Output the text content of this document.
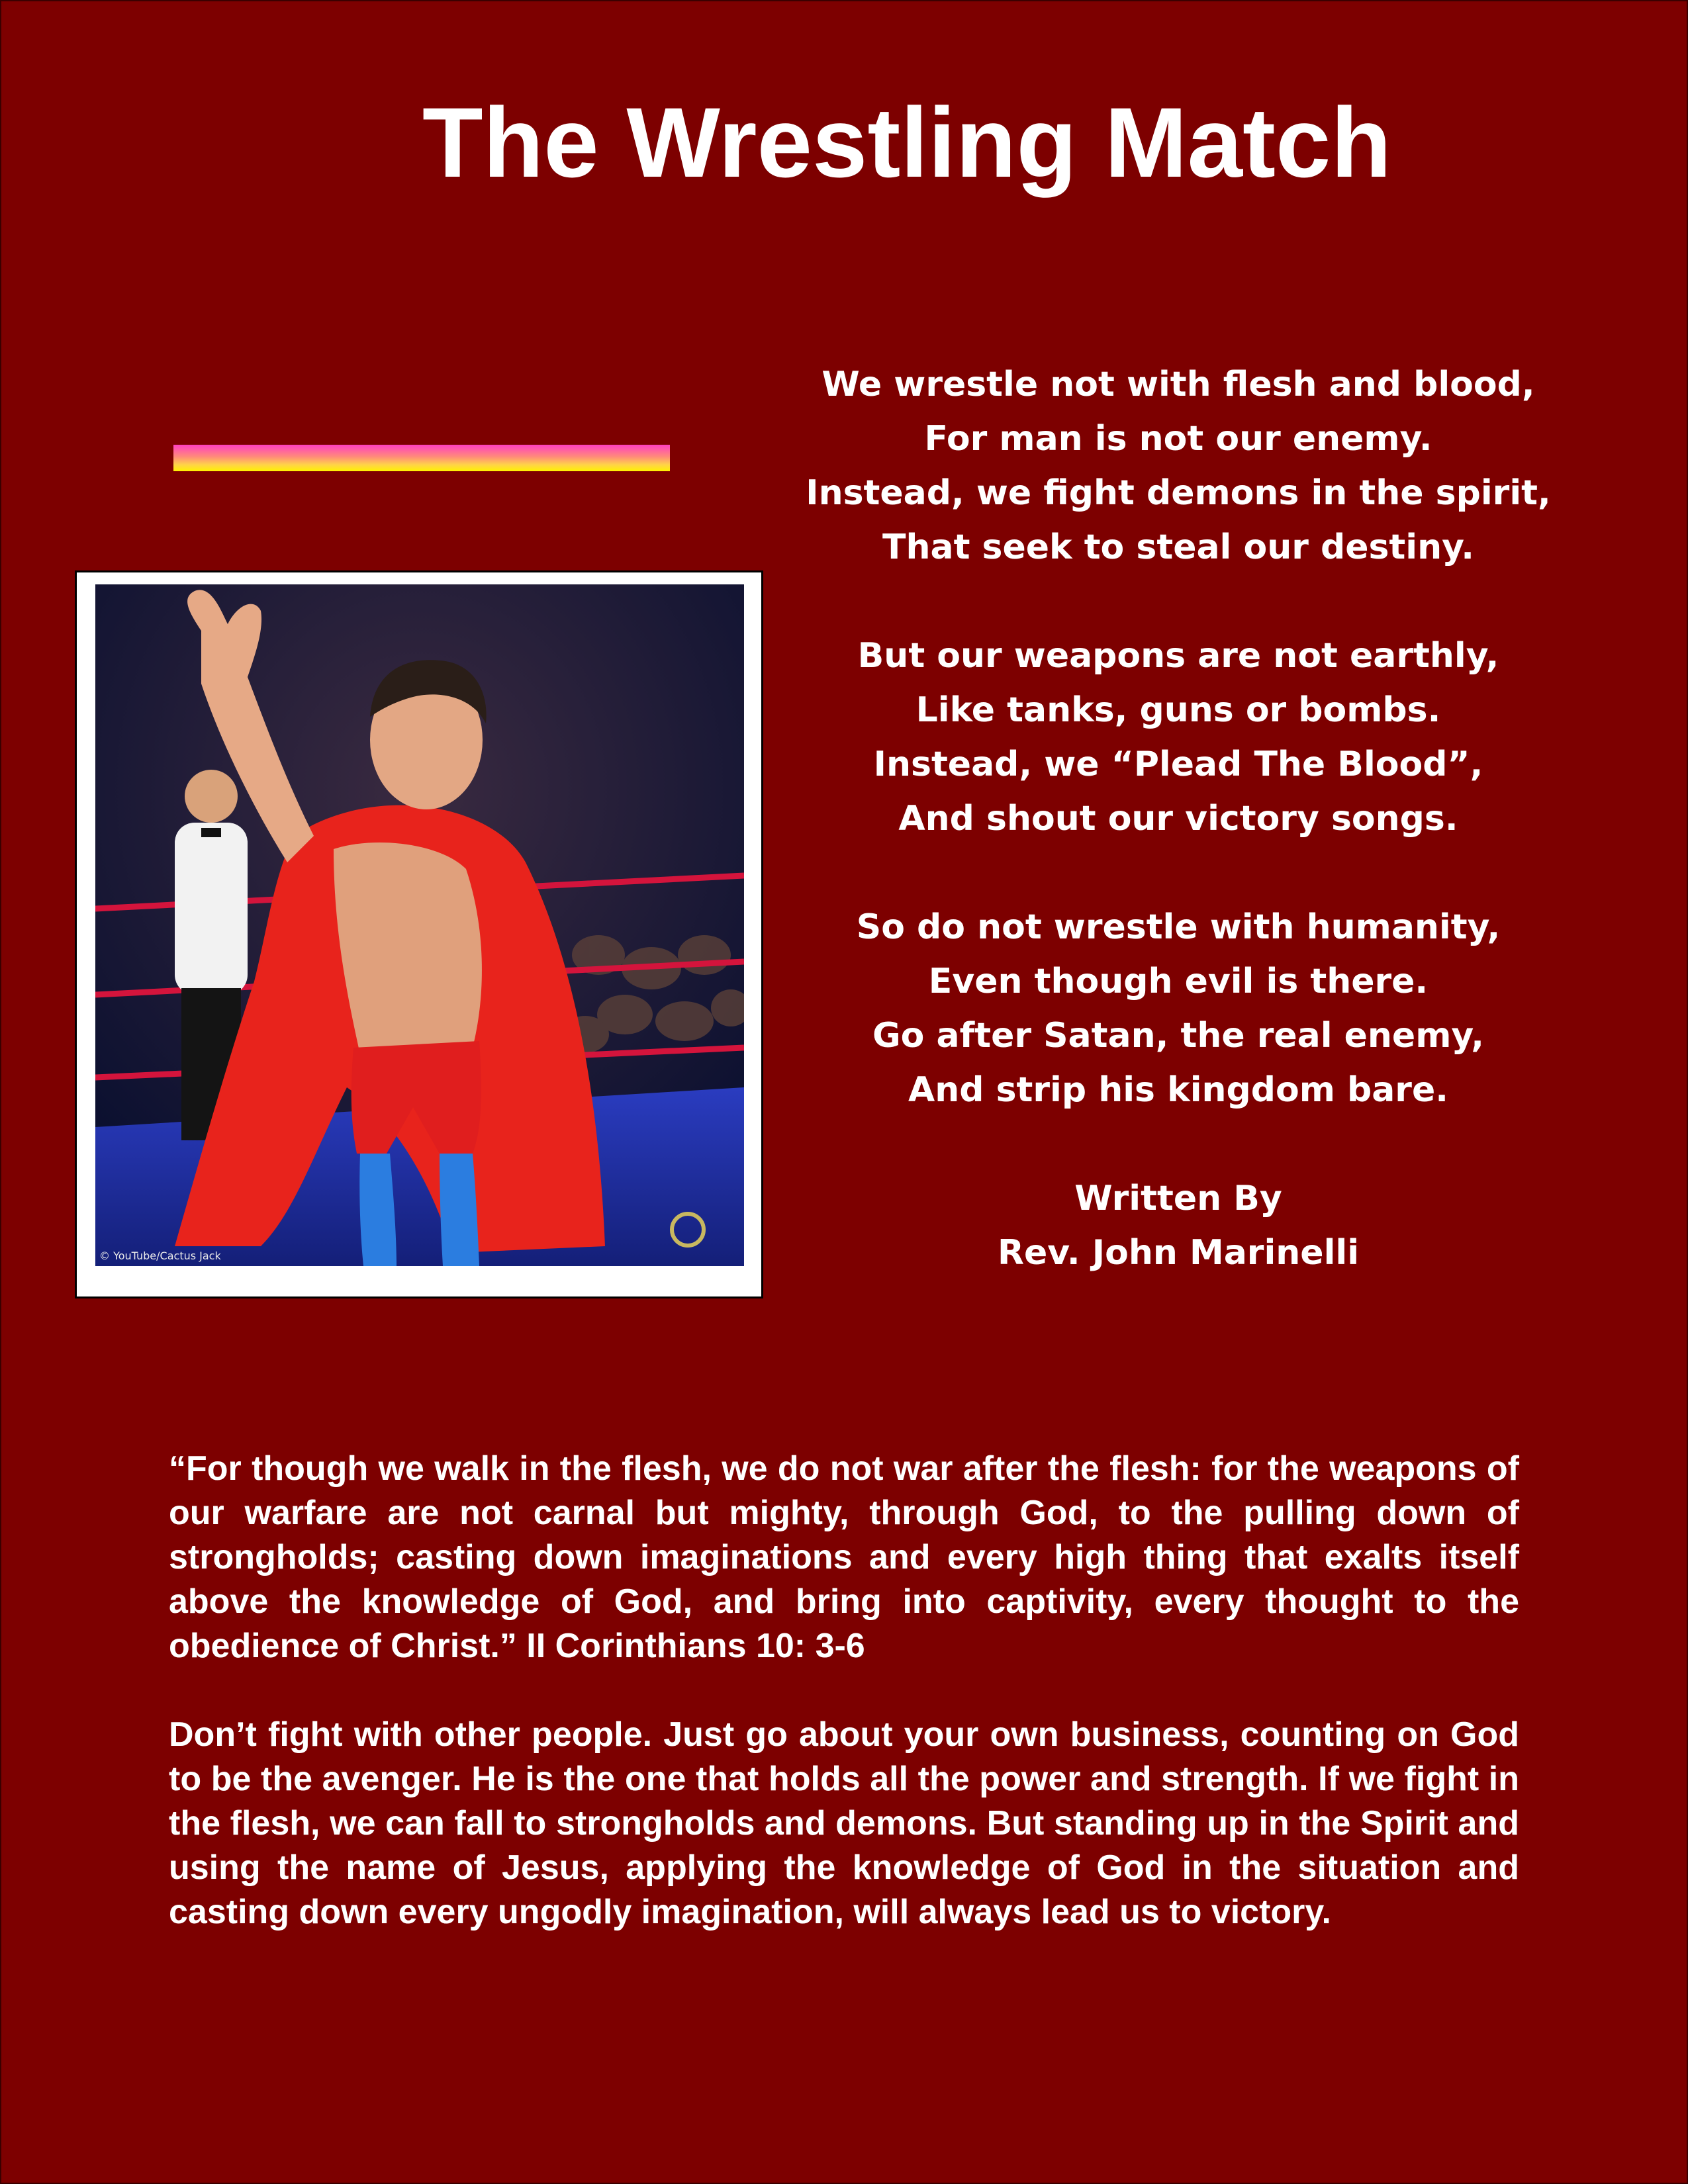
The Wrestling Match

© YouTube/Cactus Jack

We wrestle not with flesh and blood,
For man is not our enemy.
Instead, we fight demons in the spirit,
That seek to steal our destiny.

But our weapons are not earthly,
Like tanks, guns or bombs.
Instead, we “Plead The Blood”,
And shout our victory songs.

So do not wrestle with humanity,
Even though evil is there.
Go after Satan, the real enemy,
And strip his kingdom bare.

Written By
Rev. John Marinelli

“For though we walk in the flesh, we do not war after the flesh: for the weapons of our warfare are not carnal but mighty, through God, to the pulling down of strongholds; casting down imaginations and every high thing that exalts itself above the knowledge of God, and bring into captivity, every thought to the obedience of Christ.” II Corinthians 10: 3-6

Don’t fight with other people. Just go about your own business, counting on God to be the avenger. He is the one that holds all the power and strength. If we fight in the flesh, we can fall to strongholds and demons. But standing up in the Spirit and using the name of Jesus, applying the knowledge of God in the situation and casting down every ungodly imagination, will always lead us to victory.
